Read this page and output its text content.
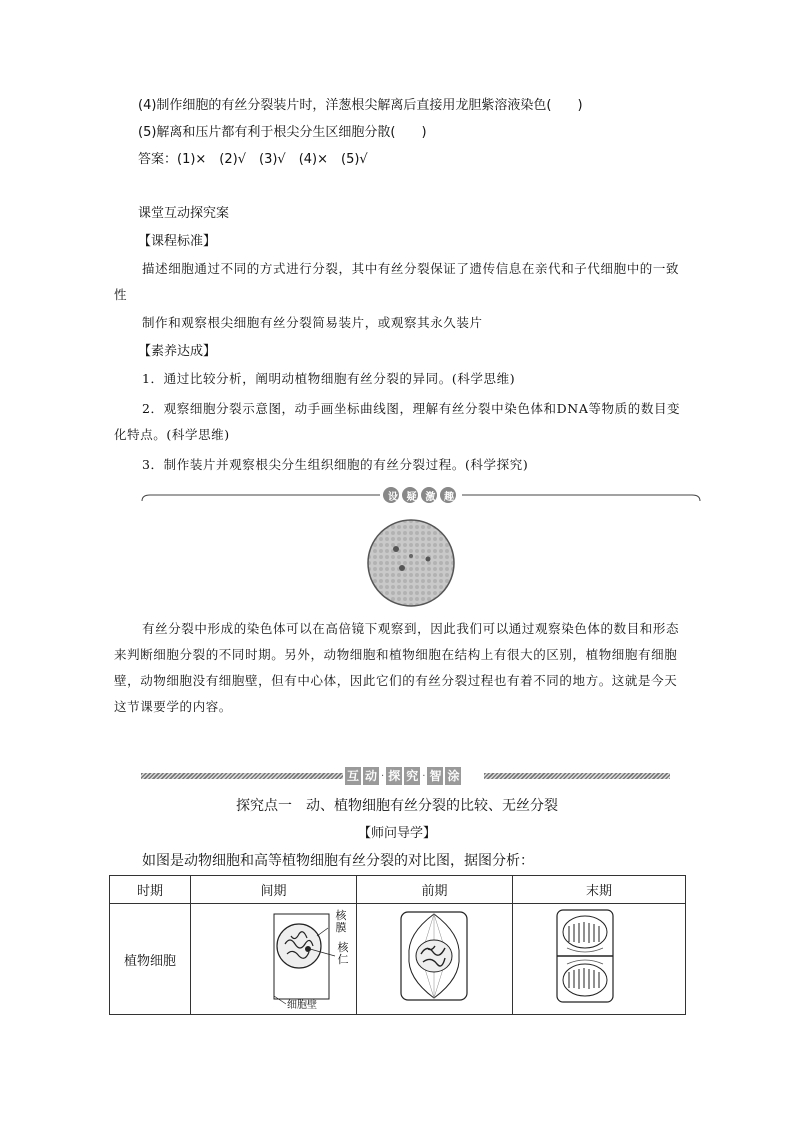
(4)制作细胞的有丝分裂装片时，洋葱根尖解离后直接用龙胆紫溶液染色(　　)
(5)解离和压片都有利于根尖分生区细胞分散(　　)
答案：(1)×　(2)√　(3)√　(4)×　(5)√
课堂互动探究案
【课程标准】
描述细胞通过不同的方式进行分裂，其中有丝分裂保证了遗传信息在亲代和子代细胞中的一致性
制作和观察根尖细胞有丝分裂简易装片，或观察其永久装片
【素养达成】
1．通过比较分析，阐明动植物细胞有丝分裂的异同。(科学思维)
2．观察细胞分裂示意图，动手画坐标曲线图，理解有丝分裂中染色体和DNA等物质的数目变化特点。(科学思维)
3．制作装片并观察根尖分生组织细胞的有丝分裂过程。(科学探究)
设 疑 激 趣
有丝分裂中形成的染色体可以在高倍镜下观察到，因此我们可以通过观察染色体的数目和形态来判断细胞分裂的不同时期。另外，动物细胞和植物细胞在结构上有很大的区别，植物细胞有细胞壁，动物细胞没有细胞壁，但有中心体，因此它们的有丝分裂过程也有着不同的地方。这就是今天这节课要学的内容。
互 动 · 探 究 · 智 涂
探究点一　动、植物细胞有丝分裂的比较、无丝分裂
【师问导学】
如图是动物细胞和高等植物细胞有丝分裂的对比图，据图分析：
时期	间期	前期	末期
植物细胞	核膜
核仁
细胞壁
